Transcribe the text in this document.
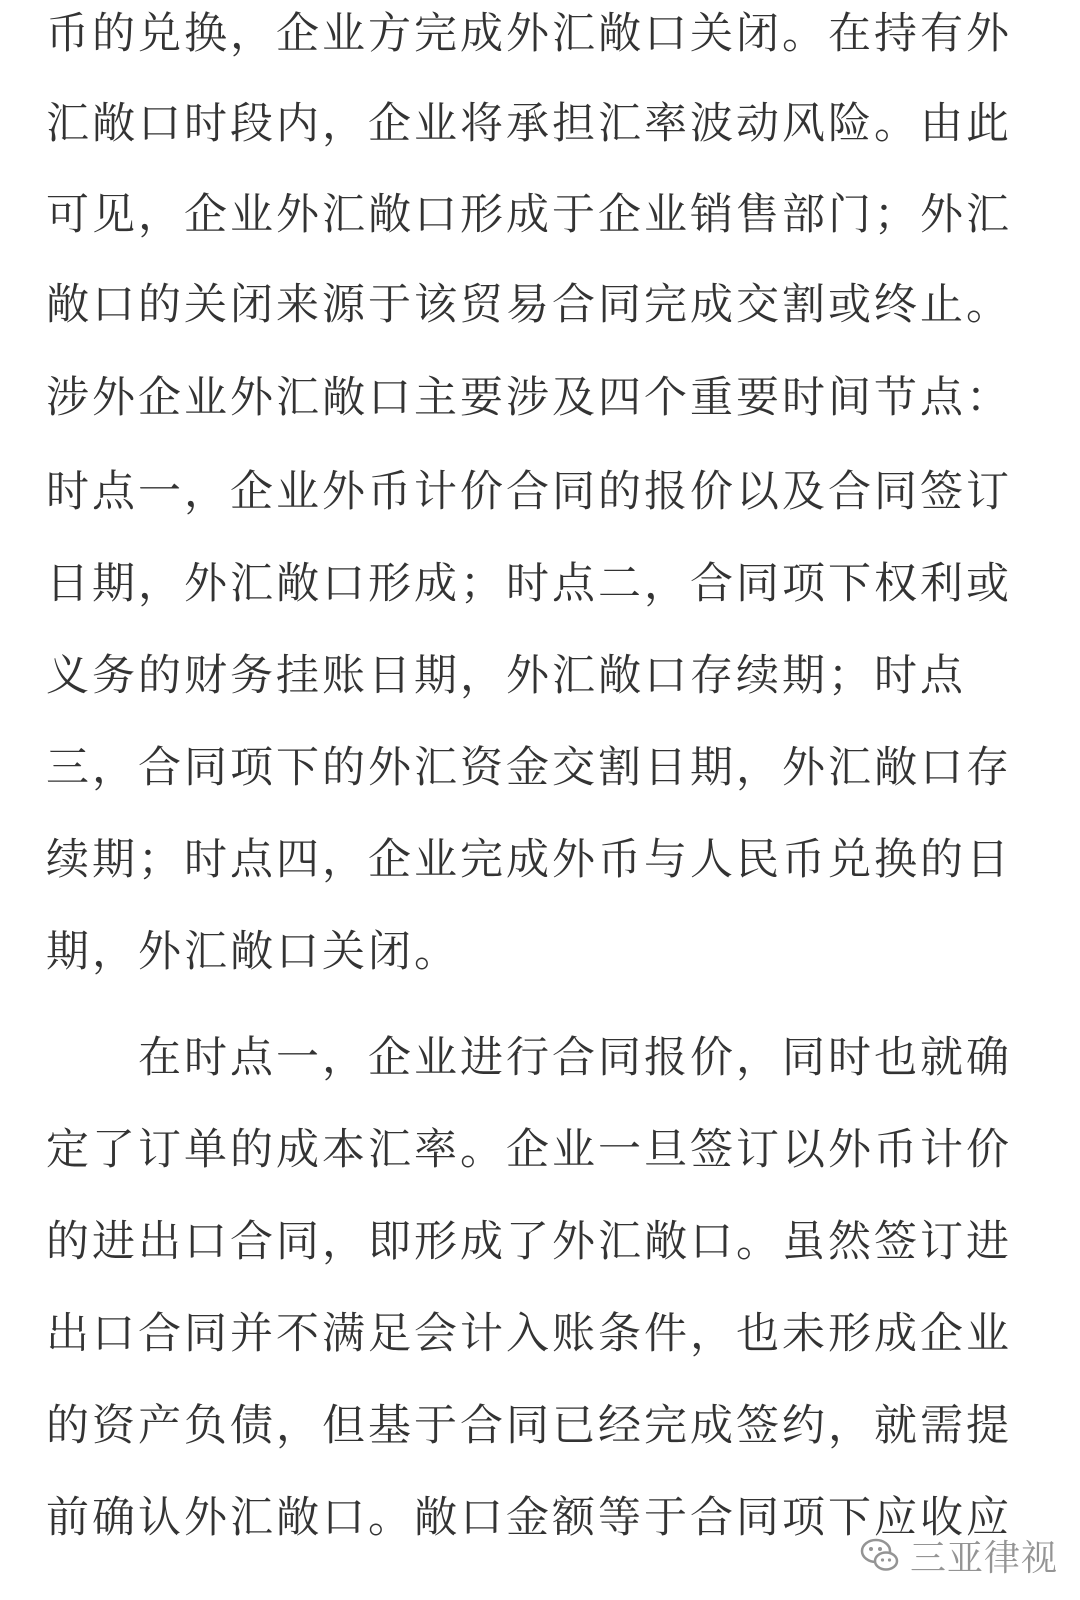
币的兑换，企业方完成外汇敞口关闭。在持有外
汇敞口时段内，企业将承担汇率波动风险。由此
可见，企业外汇敞口形成于企业销售部门；外汇
敞口的关闭来源于该贸易合同完成交割或终止。
涉外企业外汇敞口主要涉及四个重要时间节点：
时点一，企业外币计价合同的报价以及合同签订
日期，外汇敞口形成；时点二，合同项下权利或
义务的财务挂账日期，外汇敞口存续期；时点
三，合同项下的外汇资金交割日期，外汇敞口存
续期；时点四，企业完成外币与人民币兑换的日
期，外汇敞口关闭。
　　在时点一，企业进行合同报价，同时也就确
定了订单的成本汇率。企业一旦签订以外币计价
的进出口合同，即形成了外汇敞口。虽然签订进
出口合同并不满足会计入账条件，也未形成企业
的资产负债，但基于合同已经完成签约，就需提
前确认外汇敞口。敞口金额等于合同项下应收应
三亚律视
